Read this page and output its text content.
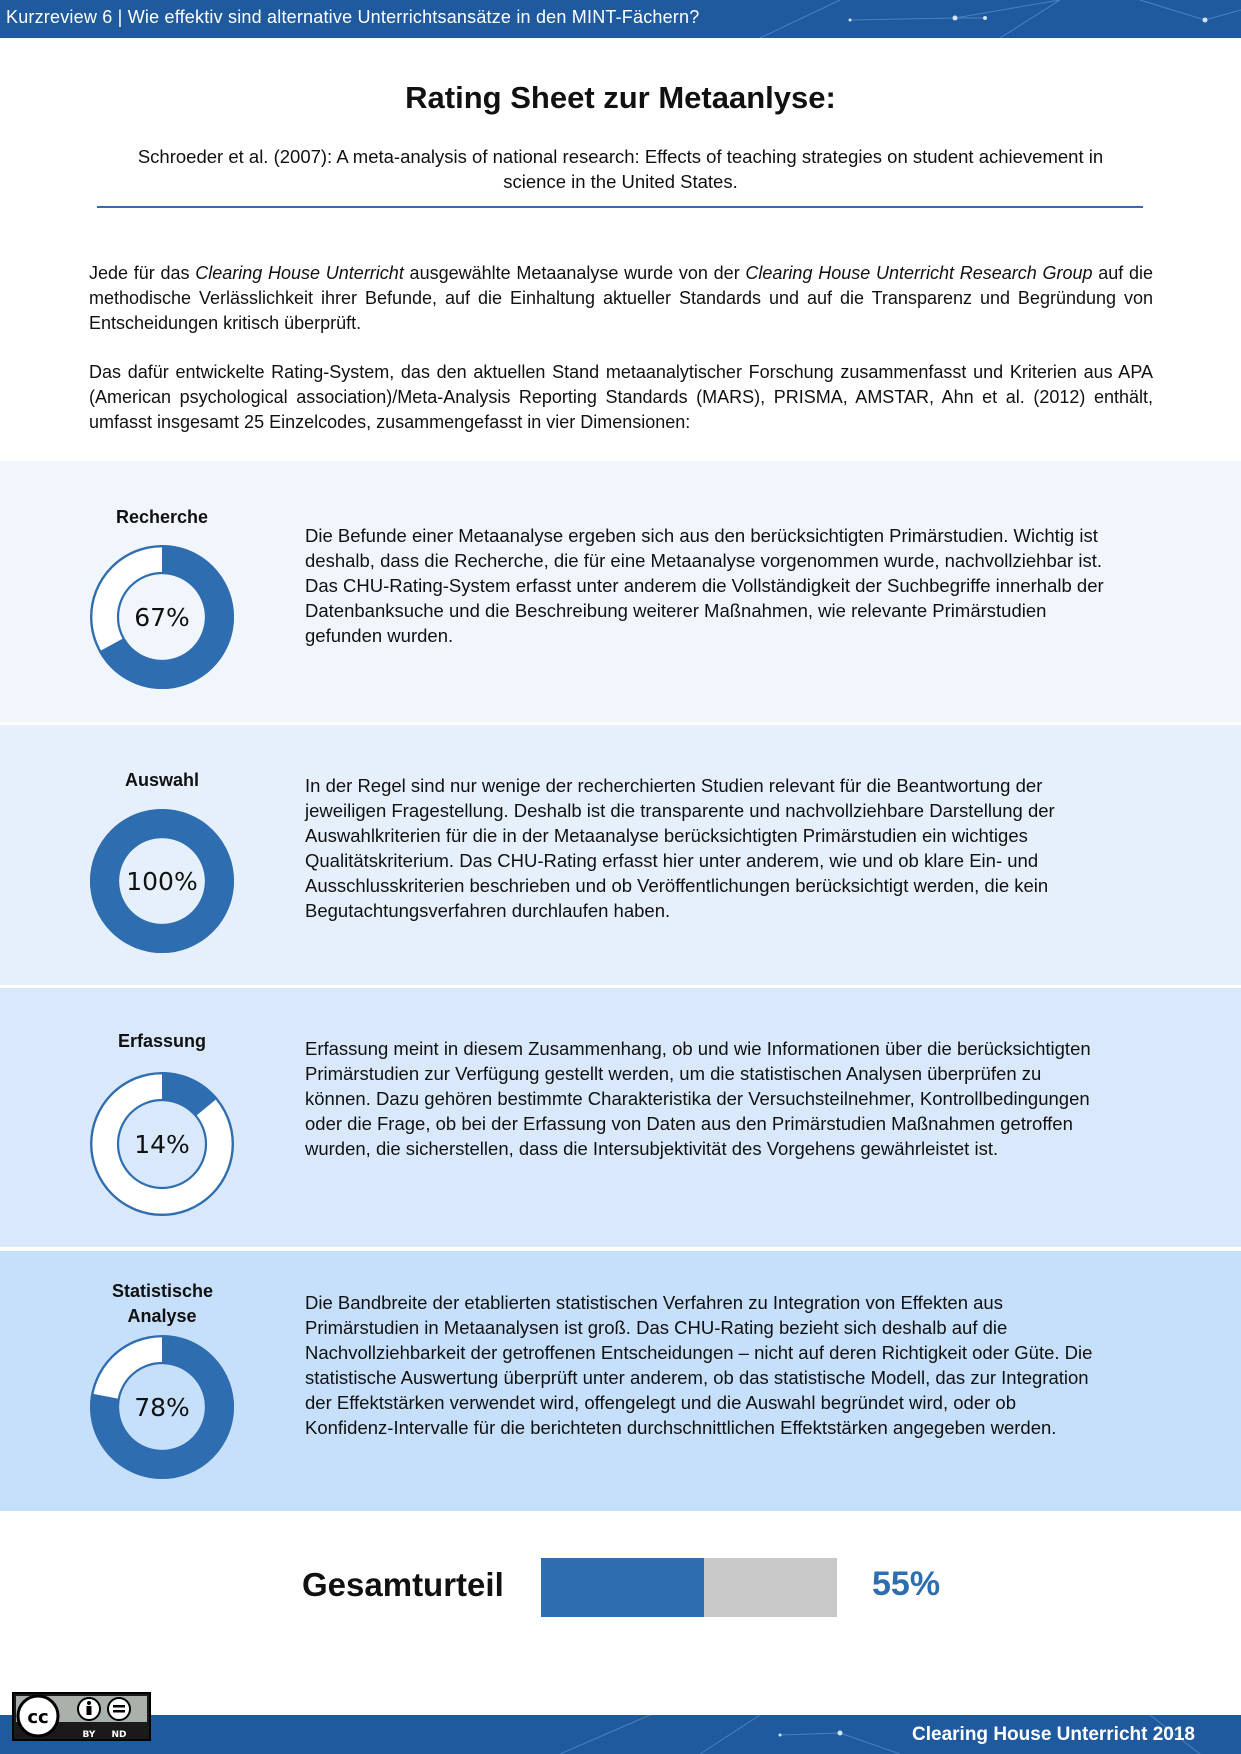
Kurzreview 6 | Wie effektiv sind alternative Unterrichtsansätze in den MINT-Fächern?
Rating Sheet zur Metaanlyse:
Schroeder et al. (2007): A meta-analysis of national research: Effects of teaching strategies on student achievement in science in the United States.

Jede für das Clearing House Unterricht ausgewählte Metaanalyse wurde von der Clearing House Unterricht Research Group auf die methodische Verlässlichkeit ihrer Befunde, auf die Einhaltung aktueller Standards und auf die Transparenz und Begründung von Entscheidungen kritisch überprüft.

Das dafür entwickelte Rating-System, das den aktuellen Stand metaanalytischer Forschung zusammenfasst und Kriterien aus APA (American psychological association)/Meta-Analysis Reporting Standards (MARS), PRISMA, AMSTAR, Ahn et al. (2012) enthält, umfasst insgesamt 25 Einzelcodes, zusammengefasst in vier Dimensionen:

Recherche
67%

Die Befunde einer Metaanalyse ergeben sich aus den berücksichtigten Primärstudien. Wichtig ist deshalb, dass die Recherche, die für eine Metaanalyse vorgenommen wurde, nachvollziehbar ist. Das CHU-Rating-System erfasst unter anderem die Vollständigkeit der Suchbegriffe innerhalb der Datenbanksuche und die Beschreibung weiterer Maßnahmen, wie relevante Primärstudien gefunden wurden.

Auswahl
100%

In der Regel sind nur wenige der recherchierten Studien relevant für die Beantwortung der jeweiligen Fragestellung. Deshalb ist die transparente und nachvollziehbare Darstellung der Auswahlkriterien für die in der Metaanalyse berücksichtigten Primärstudien ein wichtiges Qualitätskriterium. Das CHU-Rating erfasst hier unter anderem, wie und ob klare Ein- und Ausschlusskriterien beschrieben und ob Veröffentlichungen berücksichtigt werden, die kein Begutachtungsverfahren durchlaufen haben.

Erfassung
14%

Erfassung meint in diesem Zusammenhang, ob und wie Informationen über die berücksichtigten Primärstudien zur Verfügung gestellt werden, um die statistischen Analysen überprüfen zu können. Dazu gehören bestimmte Charakteristika der Versuchsteilnehmer, Kontrollbedingungen oder die Frage, ob bei der Erfassung von Daten aus den Primärstudien Maßnahmen getroffen wurden, die sicherstellen, dass die Intersubjektivität des Vorgehens gewährleistet ist.

Statistische Analyse
78%

Die Bandbreite der etablierten statistischen Verfahren zu Integration von Effekten aus Primärstudien in Metaanalysen ist groß. Das CHU-Rating bezieht sich deshalb auf die Nachvollziehbarkeit der getroffenen Entscheidungen – nicht auf deren Richtigkeit oder Güte. Die statistische Auswertung überprüft unter anderem, ob das statistische Modell, das zur Integration der Effektstärken verwendet wird, offengelegt und die Auswahl begründet wird, oder ob Konfidenz-Intervalle für die berichteten durchschnittlichen Effektstärken angegeben werden.

Gesamturteil	55%
Clearing House Unterricht 2018
cc
BY ND
